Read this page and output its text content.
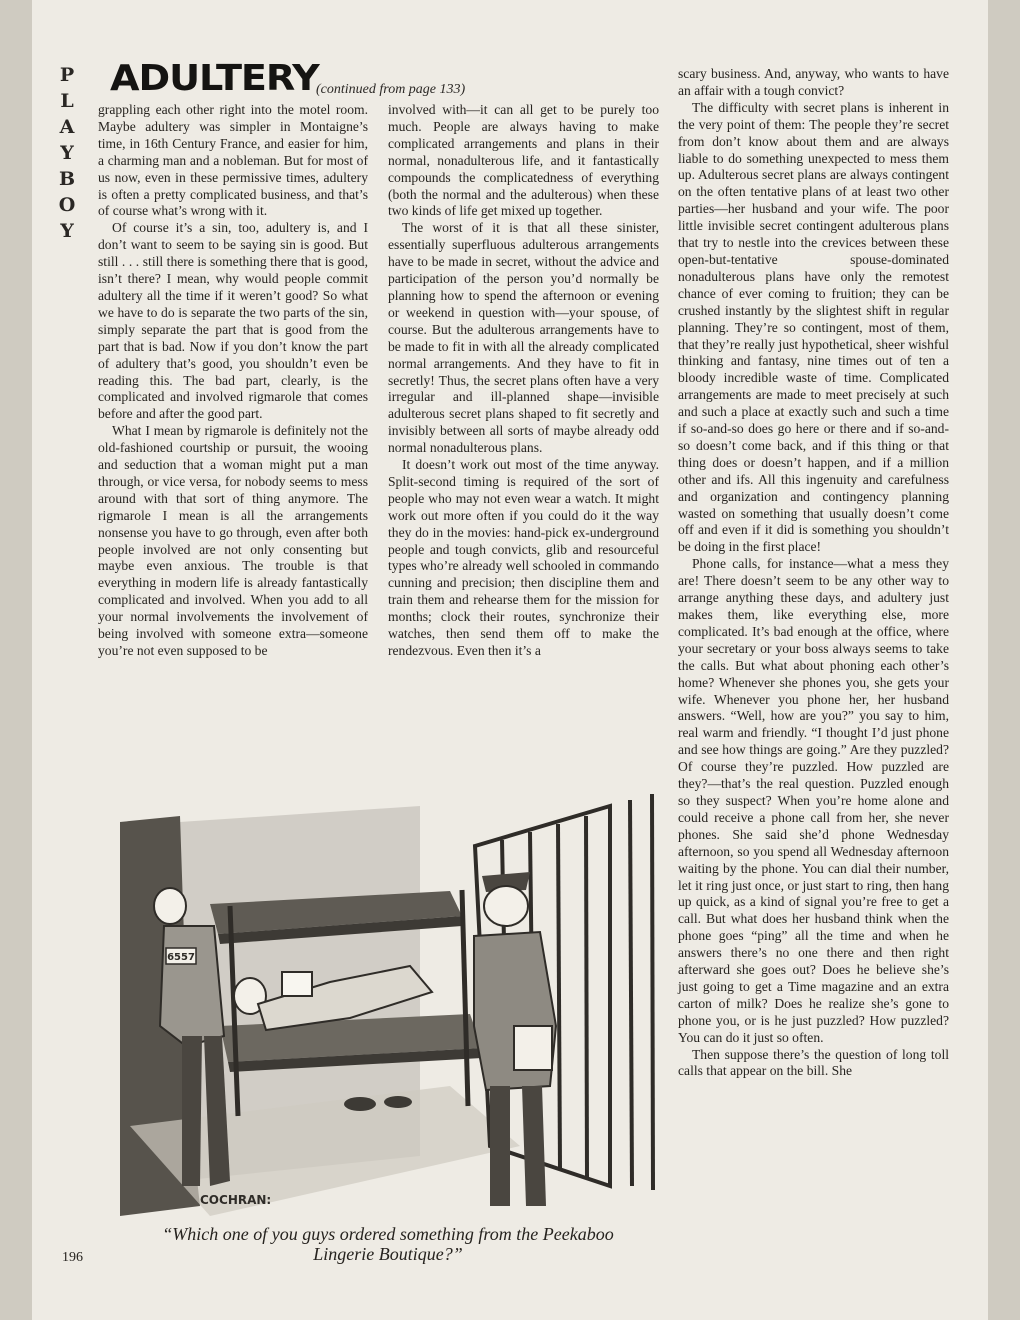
P
L
A
Y
B
O
Y
ADULTERY
(continued from page 133)

grappling each other right into the motel room. Maybe adultery was simpler in Montaigne’s time, in 16th Century France, and easier for him, a charming man and a nobleman. But for most of us now, even in these permissive times, adultery is often a pretty complicated business, and that’s of course what’s wrong with it.

Of course it’s a sin, too, adultery is, and I don’t want to seem to be saying sin is good. But still . . . still there is something there that is good, isn’t there? I mean, why would people commit adultery all the time if it weren’t good? So what we have to do is separate the two parts of the sin, simply separate the part that is good from the part that is bad. Now if you don’t know the part of adultery that’s good, you shouldn’t even be reading this. The bad part, clearly, is the complicated and involved rigmarole that comes before and after the good part.

What I mean by rigmarole is definitely not the old-fashioned courtship or pursuit, the wooing and seduction that a woman might put a man through, or vice versa, for nobody seems to mess around with that sort of thing anymore. The rigmarole I mean is all the arrangements nonsense you have to go through, even after both people involved are not only consenting but maybe even anxious. The trouble is that everything in modern life is already fantastically complicated and involved. When you add to all your normal involvements the involvement of being involved with someone extra—someone you’re not even supposed to be

involved with—it can all get to be purely too much. People are always having to make complicated arrangements and plans in their normal, nonadulterous life, and it fantastically compounds the complicatedness of everything (both the normal and the adulterous) when these two kinds of life get mixed up together.

The worst of it is that all these sinister, essentially superfluous adulterous arrangements have to be made in secret, without the advice and participation of the person you’d normally be planning how to spend the afternoon or evening or weekend in question with—your spouse, of course. But the adulterous arrangements have to be made to fit in with all the already complicated normal arrangements. And they have to fit in secretly! Thus, the secret plans often have a very irregular and ill-planned shape—invisible adulterous secret plans shaped to fit secretly and invisibly between all sorts of maybe already odd normal nonadulterous plans.

It doesn’t work out most of the time anyway. Split-second timing is required of the sort of people who may not even wear a watch. It might work out more often if you could do it the way they do in the movies: hand-pick ex-underground people and tough convicts, glib and resourceful types who’re already well schooled in commando cunning and precision; then discipline them and train them and rehearse them for the mission for months; clock their routes, synchronize their watches, then send them off to make the rendezvous. Even then it’s a

scary business. And, anyway, who wants to have an affair with a tough convict?

The difficulty with secret plans is inherent in the very point of them: The people they’re secret from don’t know about them and are always liable to do something unexpected to mess them up. Adulterous secret plans are always contingent on the often tentative plans of at least two other parties—her husband and your wife. The poor little invisible secret contingent adulterous plans that try to nestle into the crevices between these open-but-tentative spouse-dominated nonadulterous plans have only the remotest chance of ever coming to fruition; they can be crushed instantly by the slightest shift in regular planning. They’re so contingent, most of them, that they’re really just hypothetical, sheer wishful thinking and fantasy, nine times out of ten a bloody incredible waste of time. Complicated arrangements are made to meet precisely at such and such a place at exactly such and such a time if so-and-so does go here or there and if so-and-so doesn’t come back, and if this thing or that thing does or doesn’t happen, and if a million other and ifs. All this ingenuity and carefulness and organization and contingency planning wasted on something that usually doesn’t come off and even if it did is something you shouldn’t be doing in the first place!

Phone calls, for instance—what a mess they are! There doesn’t seem to be any other way to arrange anything these days, and adultery just makes them, like everything else, more complicated. It’s bad enough at the office, where your secretary or your boss always seems to take the calls. But what about phoning each other’s home? Whenever she phones you, she gets your wife. Whenever you phone her, her husband answers. “Well, how are you?” you say to him, real warm and friendly. “I thought I’d just phone and see how things are going.” Are they puzzled? Of course they’re puzzled. How puzzled are they?—that’s the real question. Puzzled enough so they suspect? When you’re home alone and could receive a phone call from her, she never phones. She said she’d phone Wednesday afternoon, so you spend all Wednesday afternoon waiting by the phone. You can dial their number, let it ring just once, or just start to ring, then hang up quick, as a kind of signal you’re free to get a call. But what does her husband think when the phone goes “ping” all the time and when he answers there’s no one there and then right afterward she goes out? Does he believe she’s just going to get a Time magazine and an extra carton of milk? Does he realize she’s gone to phone you, or is he just puzzled? How puzzled? You can do it just so often.

Then suppose there’s the question of long toll calls that appear on the bill. She

6557
COCHRAN:
“Which one of you guys ordered something from the Peekaboo Lingerie Boutique?”
196
